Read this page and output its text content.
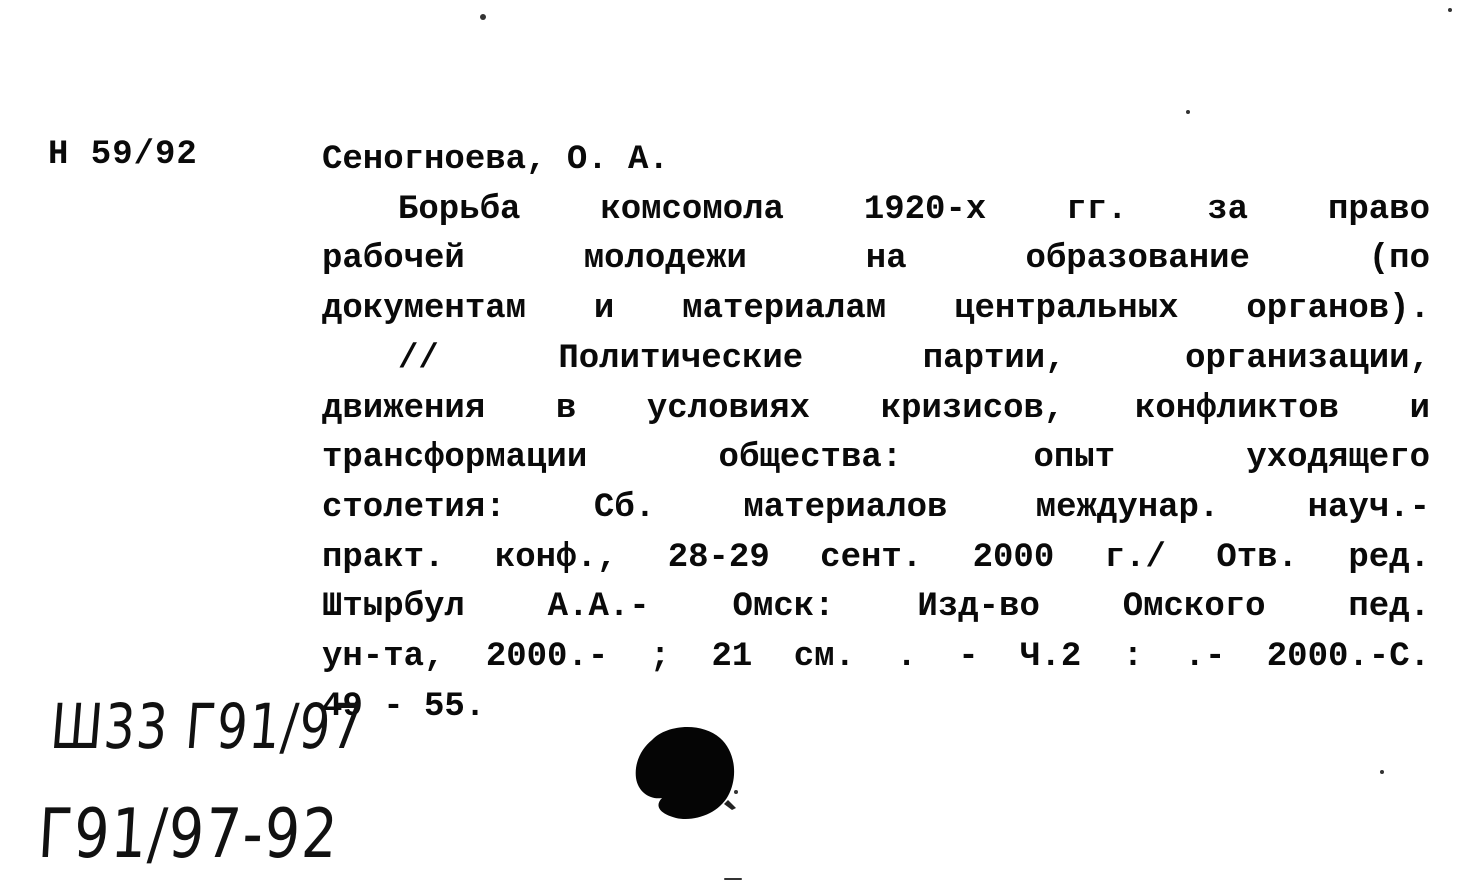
Н 59/92	Сеногноева, О. А.
Борьба комсомола 1920-х гг. за право
рабочей молодежи на образование (по
документам и материалам центральных органов).
// Политические партии, организации,
движения в условиях кризисов, конфликтов и
трансформации общества: опыт уходящего
столетия: Сб. материалов междунар. науч.-
практ. конф., 28-29 сент. 2000 г./ Отв. ред.
Штырбул А.А.- Омск: Изд-во Омского пед.
ун-та, 2000.- ; 21 см. . - Ч.2 : .- 2000.-С.
49 - 55.
Ш33 Г91/97
Г91/97-92
